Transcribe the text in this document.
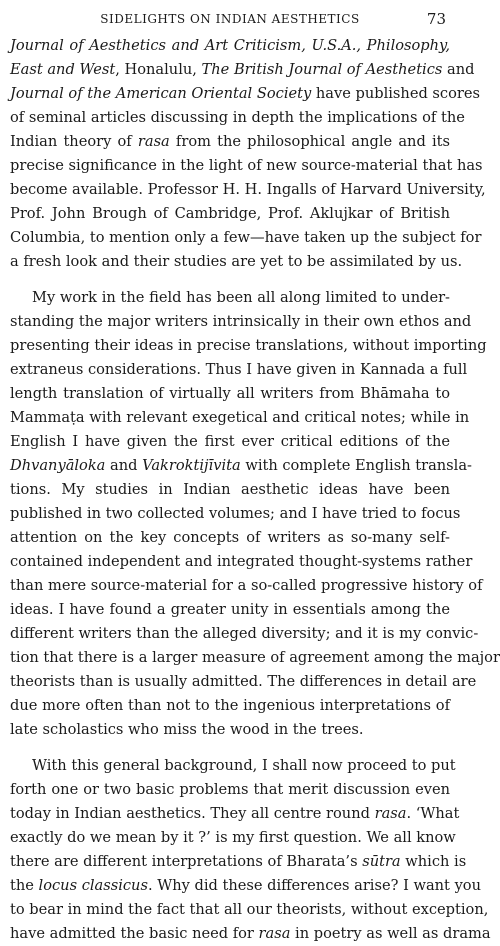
SIDELIGHTS ON INDIAN AESTHETICS	73

Journal of Aesthetics and Art Criticism, U.S.A., Philosophy,
East and West, Honalulu, The British Journal of Aesthetics and
Journal of the American Oriental Society have published scores
of seminal articles discussing in depth the implications of the
Indian theory of rasa from the philosophical angle and its
precise significance in the light of new source-material that has
become available. Professor H. H. Ingalls of Harvard University,
Prof. John Brough of Cambridge, Prof. Aklujkar of British
Columbia, to mention only a few—have taken up the subject for
a fresh look and their studies are yet to be assimilated by us.

My work in the field has been all along limited to under-
standing the major writers intrinsically in their own ethos and
presenting their ideas in precise translations, without importing
extraneus considerations. Thus I have given in Kannada a full
length translation of virtually all writers from Bhāmaha to
Mammaṭa with relevant exegetical and critical notes; while in
English I have given the first ever critical editions of the
Dhvanyāloka and Vakroktijīvita with complete English transla-
tions. My studies in Indian aesthetic ideas have been
published in two collected volumes; and I have tried to focus
attention on the key concepts of writers as so-many self-
contained independent and integrated thought-systems rather
than mere source-material for a so-called progressive history of
ideas. I have found a greater unity in essentials among the
different writers than the alleged diversity; and it is my convic-
tion that there is a larger measure of agreement among the major
theorists than is usually admitted. The differences in detail are
due more often than not to the ingenious interpretations of
late scholastics who miss the wood in the trees.

With this general background, I shall now proceed to put
forth one or two basic problems that merit discussion even
today in Indian aesthetics. They all centre round rasa. ‘What
exactly do we mean by it ?’ is my first question. We all know
there are different interpretations of Bharata’s sūtra which is
the locus classicus. Why did these differences arise? I want you
to bear in mind the fact that all our theorists, without exception,
have admitted the basic need for rasa in poetry as well as drama
